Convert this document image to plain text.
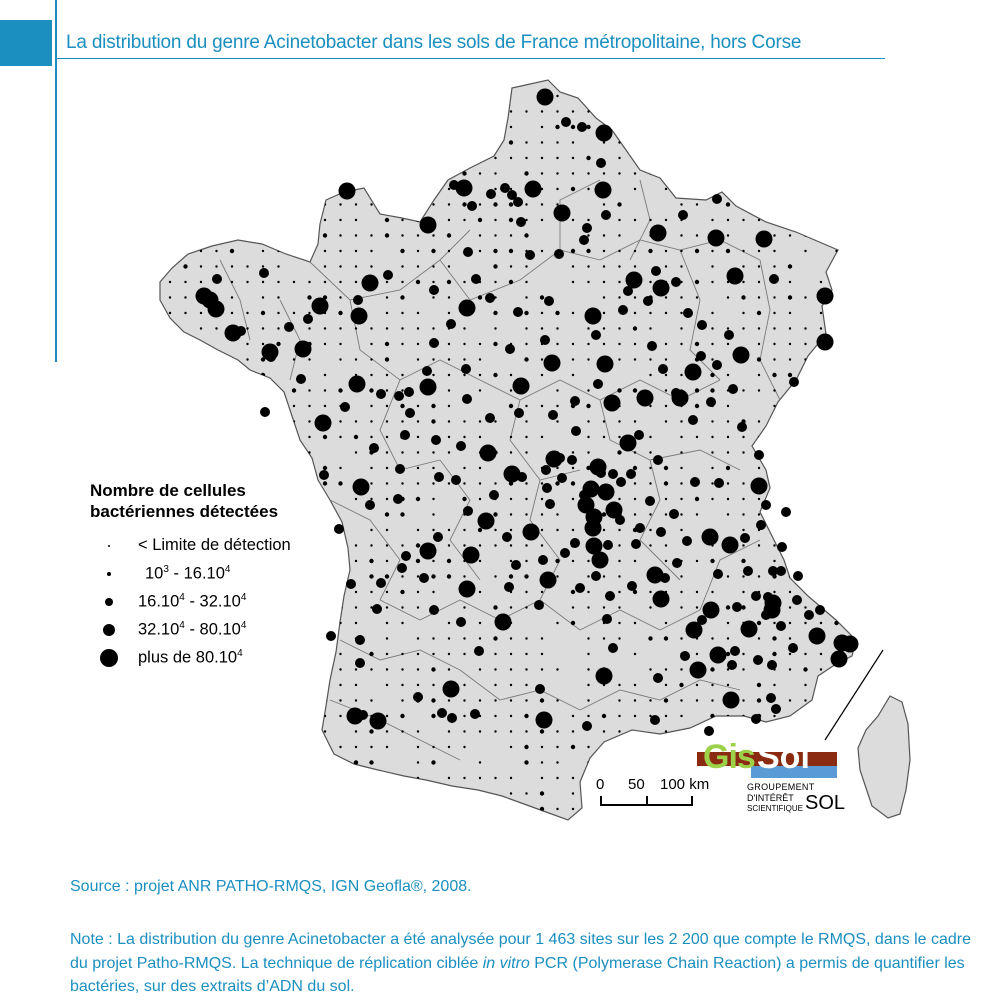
La distribution du genre Acinetobacter dans les sols de France métropolitaine, hors Corse
Nombre de cellules
bactériennes détectées
< Limite de détection
$10^3 - 16.10^4$
16.10$^4$ - 32.10$^4$
32.10$^4$ - 80.10$^4$
plus de 80.10$^4$
0 50 100 km
Gis Sol
GROUPEMENT
D'INTÉRÊT
SCIENTIFIQUE SOL
Source : projet ANR PATHO-RMQS, IGN Geofla®, 2008.
Note : La distribution du genre Acinetobacter a été analysée pour 1 463 sites sur les 2 200 que compte le RMQS, dans le cadre du projet Patho-RMQS. La technique de réplication ciblée in vitro PCR (Polymerase Chain Reaction) a permis de quantifier les bactéries, sur des extraits d’ADN du sol.
